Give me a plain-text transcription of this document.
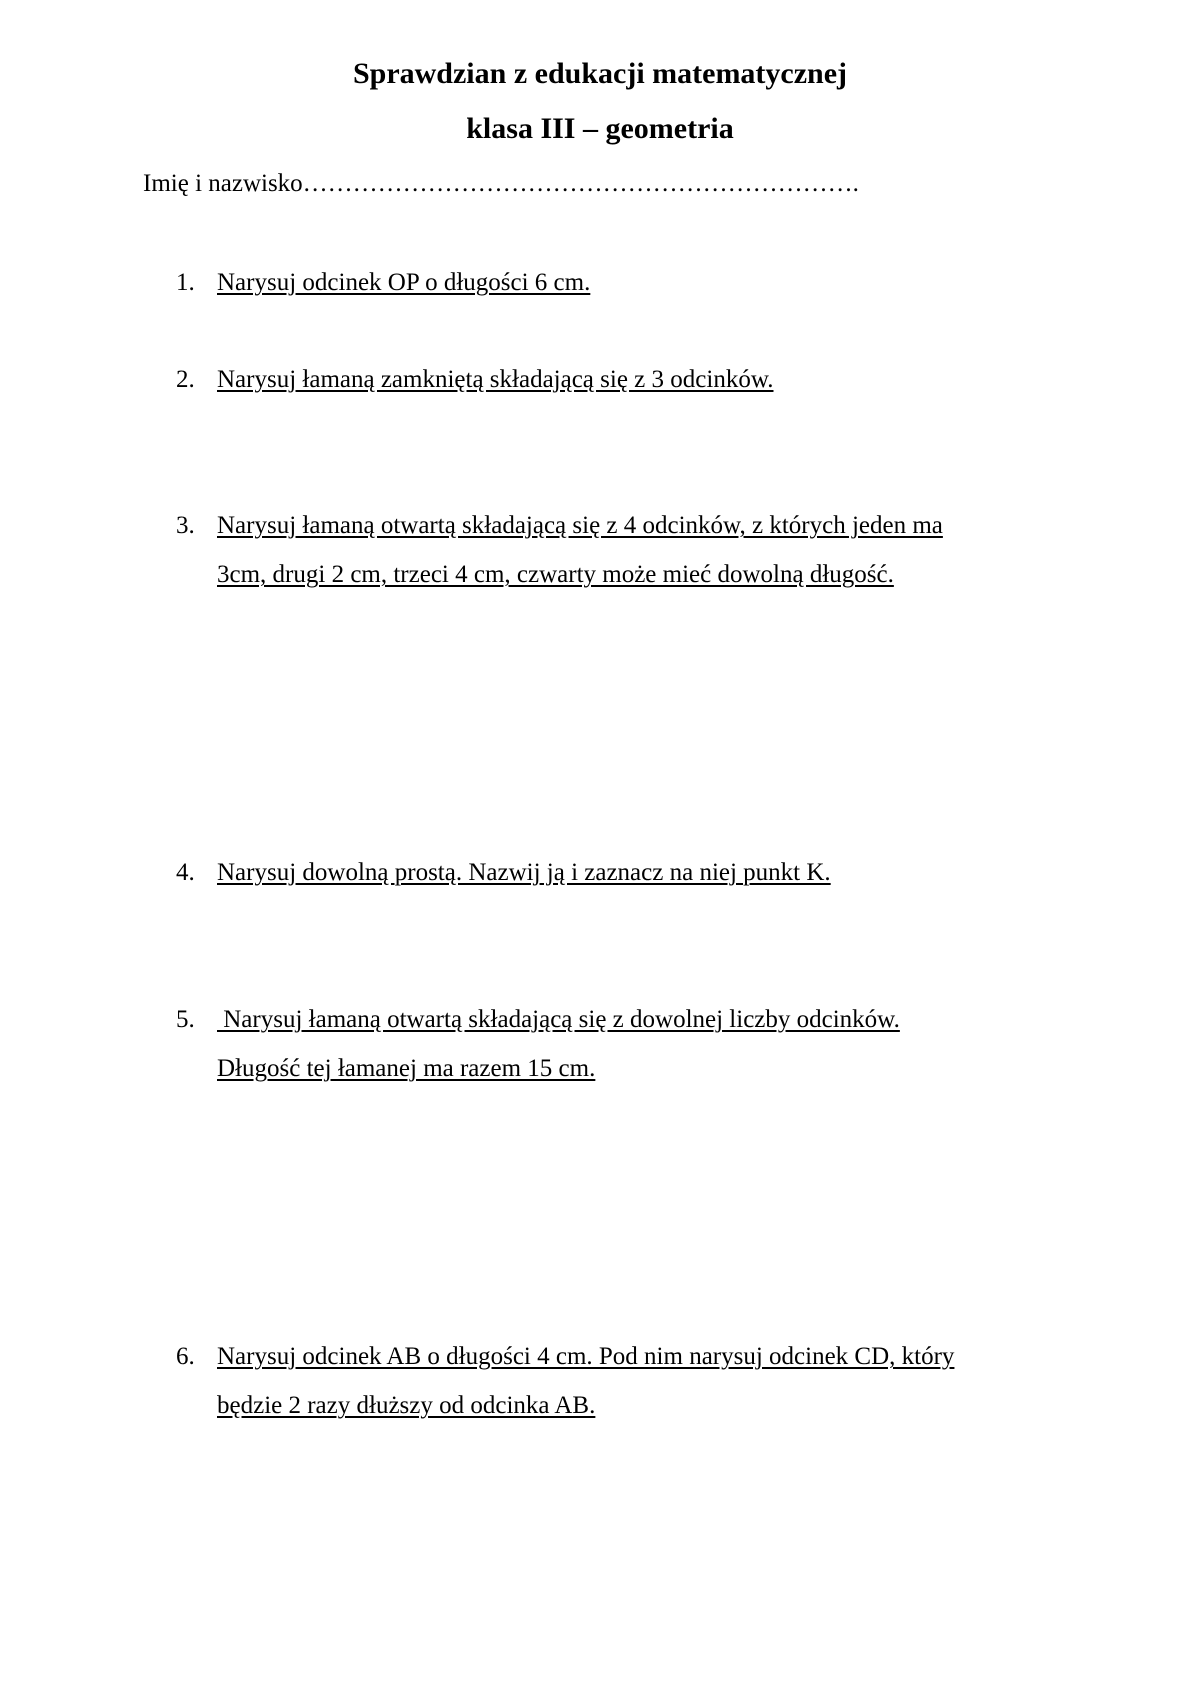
Sprawdzian z edukacji matematycznej
klasa III – geometria
Imię i nazwisko………………………………………………………….
1. Narysuj odcinek OP o długości 6 cm.
2. Narysuj łamaną zamkniętą składającą się z 3 odcinków.
3. Narysuj łamaną otwartą składającą się z 4 odcinków, z których jeden ma
3cm, drugi 2 cm, trzeci 4 cm, czwarty może mieć dowolną długość.
4. Narysuj dowolną prostą. Nazwij ją i zaznacz na niej punkt K.
5. Narysuj łamaną otwartą składającą się z dowolnej liczby odcinków.
Długość tej łamanej ma razem 15 cm.
6. Narysuj odcinek AB o długości 4 cm. Pod nim narysuj odcinek CD, który
będzie 2 razy dłuższy od odcinka AB.
